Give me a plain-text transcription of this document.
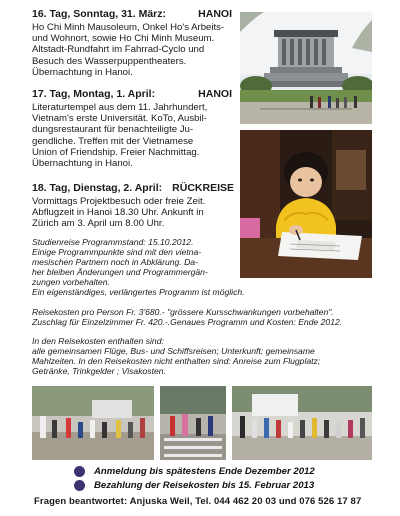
16. Tag, Sonntag, 31. März:	HANOI
Ho Chi Minh Mausoleum, Onkel Ho's Arbeits-
und Wohnort, sowie Ho Chi Minh Museum.
Altstadt-Rundfahrt im Fahrrad-Cyclo und
Besuch des Wasserpuppentheaters.
Übernachtung in Hanoi.
17. Tag, Montag, 1. April:	HANOI
Literaturtempel aus dem 11. Jahrhundert,
Vietnam's erste Universität. KoTo, Ausbil-
dungsrestaurant für benachteiligte Ju-
gendliche. Treffen mit der Vietnamese
Union of Friendship. Freier Nachmittag.
Übernachtung in Hanoi.
18. Tag, Dienstag, 2. April: RÜCKREISE
Vormittags Projektbesuch oder freie Zeit.
Abflugzeit in Hanoi 18.30 Uhr. Ankunft in
Zürich am 3. April um 8.00 Uhr.
Studienreise Programmstand: 15.10.2012.
Einige Programmpunkte sind mit den vietna-
mesischen Partnern noch in Abklärung. Da-
her bleiben Änderungen und Programmergän-
zungen vorbehalten.
Ein eigenständiges, verlängertes Programm ist möglich.
Reisekosten pro Person Fr. 3'680.- "grössere Kursschwankungen vorbehalten".
Zuschlag für Einzelzimmer Fr. 420.-.Genaues Programm und Kosten: Ende 2012.
In den Reisekosten enthalten sind:
alle gemeinsamen Flüge, Bus- und Schiffsreisen; Unterkunft; gemeinsame
Mahlzeiten. In den Reisekosten nicht enthalten sind: Anreise zum Flugplatz;
Getränke, Trinkgelder ; Visakosten.
Anmeldung bis spätestens Ende Dezember 2012
Bezahlung der Reisekosten bis 15. Februar 2013
Fragen beantwortet: Anjuska Weil, Tel. 044 462 20 03 und 076 526 17 87
